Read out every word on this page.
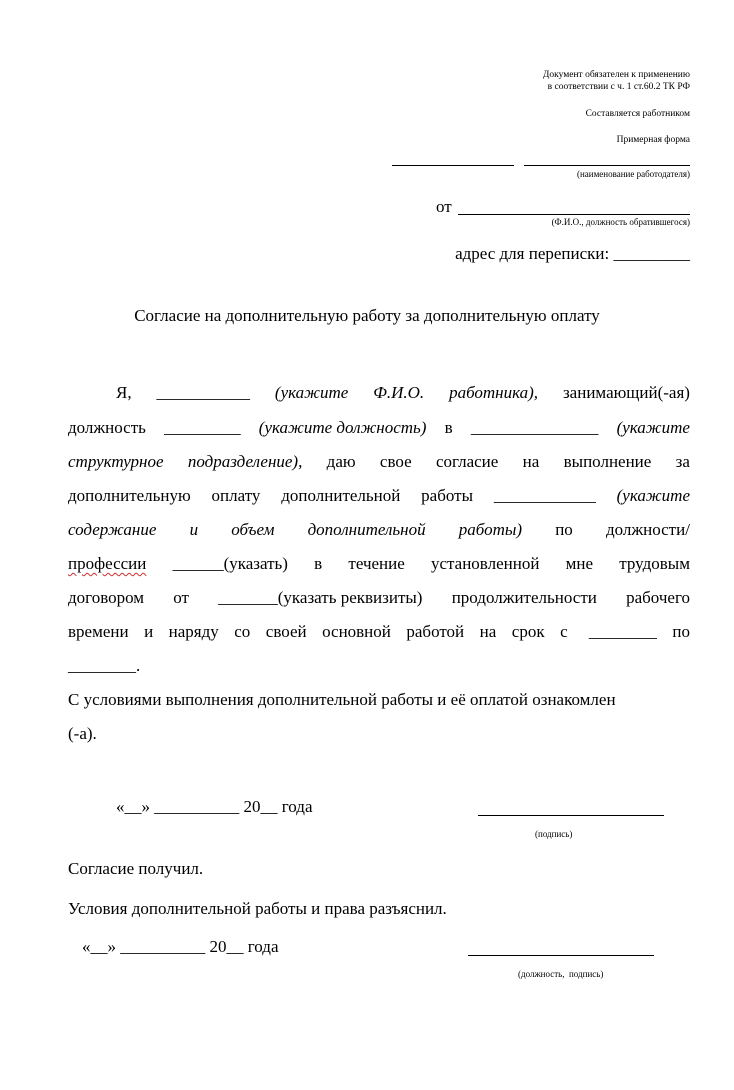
Документ обязателен к применению
в соответствии с ч. 1 ст.60.2 ТК РФ
Составляется работником
Примерная форма
(наименование работодателя)
от
(Ф.И.О., должность обратившегося)
адрес для переписки: _________
Согласие на дополнительную работу за дополнительную оплату
Я, ___________ (укажите Ф.И.О. работника), занимающий(-ая)
должность _________ (укажите должность) в _______________ (укажите
структурное подразделение), даю свое согласие на выполнение за
дополнительную оплату дополнительной работы ____________ (укажите
содержание и объем дополнительной работы) по должности/
профессии ______(указать) в течение установленной мне трудовым
договором от _______(указать реквизиты) продолжительности рабочего
времени и наряду со своей основной работой на срок с     ________ по
________.
С условиями выполнения дополнительной работы и её оплатой ознакомлен
(-а).
«__» __________ 20__ года
(подпись)
Согласие получил.
Условия дополнительной работы и права разъяснил.
«__» __________ 20__ года
(должность,  подпись)
